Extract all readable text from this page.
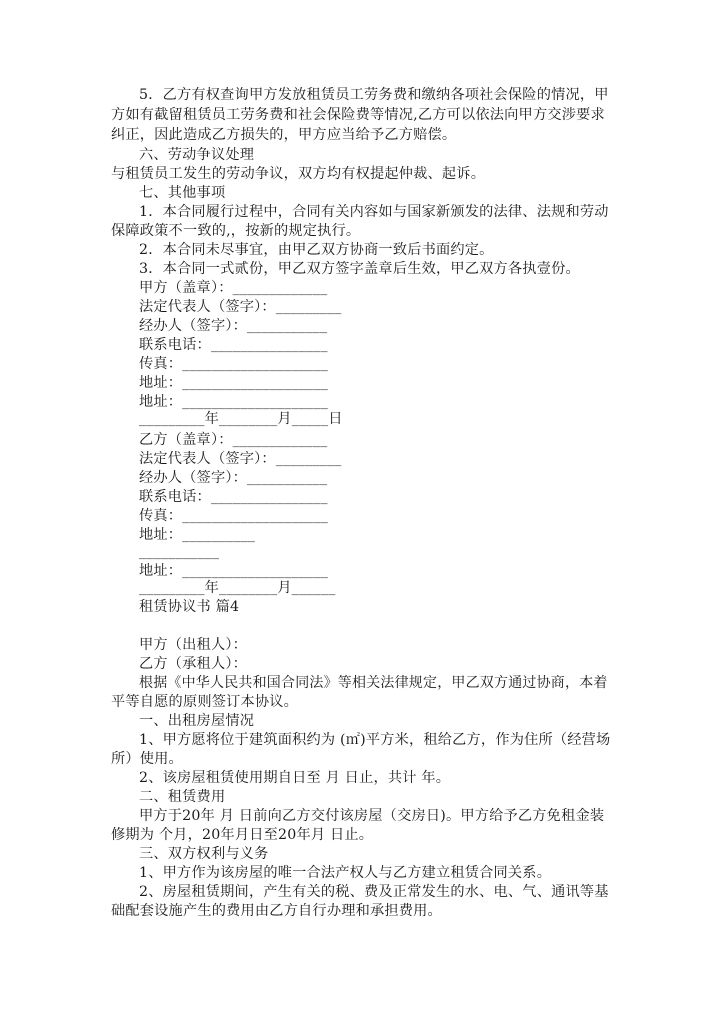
5．乙方有权查询甲方发放租赁员工劳务费和缴纳各项社会保险的情况，甲
方如有截留租赁员工劳务费和社会保险费等情况,乙方可以依法向甲方交涉要求
纠正，因此造成乙方损失的，甲方应当给予乙方赔偿。
六、劳动争议处理
与租赁员工发生的劳动争议，双方均有权提起仲裁、起诉。
七、其他事项
1．本合同履行过程中，合同有关内容如与国家新颁发的法律、法规和劳动
保障政策不一致的,，按新的规定执行。
2．本合同未尽事宜，由甲乙双方协商一致后书面约定。
3．本合同一式贰份，甲乙双方签字盖章后生效，甲乙双方各执壹份。
甲方（盖章）：_____________
法定代表人（签字）：_________
经办人（签字）：___________
联系电话：________________
传真：____________________
地址：____________________
地址：____________________
_________年________月_____日
乙方（盖章）：_____________
法定代表人（签字）：_________
经办人（签字）：___________
联系电话：________________
传真：____________________
地址：__________
___________
地址：____________________
_________年________月______
租赁协议书 篇4
甲方（出租人）：
乙方（承租人）：
根据《中华人民共和国合同法》等相关法律规定，甲乙双方通过协商，本着
平等自愿的原则签订本协议。
一、出租房屋情况
1、甲方愿将位于建筑面积约为 (㎡)平方米，租给乙方，作为住所（经营场
所）使用。
2、该房屋租赁使用期自日至 月 日止，共计 年。
二、租赁费用
甲方于20年 月 日前向乙方交付该房屋（交房日)。甲方给予乙方免租金装
修期为 个月，20年月日至20年月 日止。
三、双方权利与义务
1、甲方作为该房屋的唯一合法产权人与乙方建立租赁合同关系。
2、房屋租赁期间，产生有关的税、费及正常发生的水、电、气、通讯等基
础配套设施产生的费用由乙方自行办理和承担费用。
